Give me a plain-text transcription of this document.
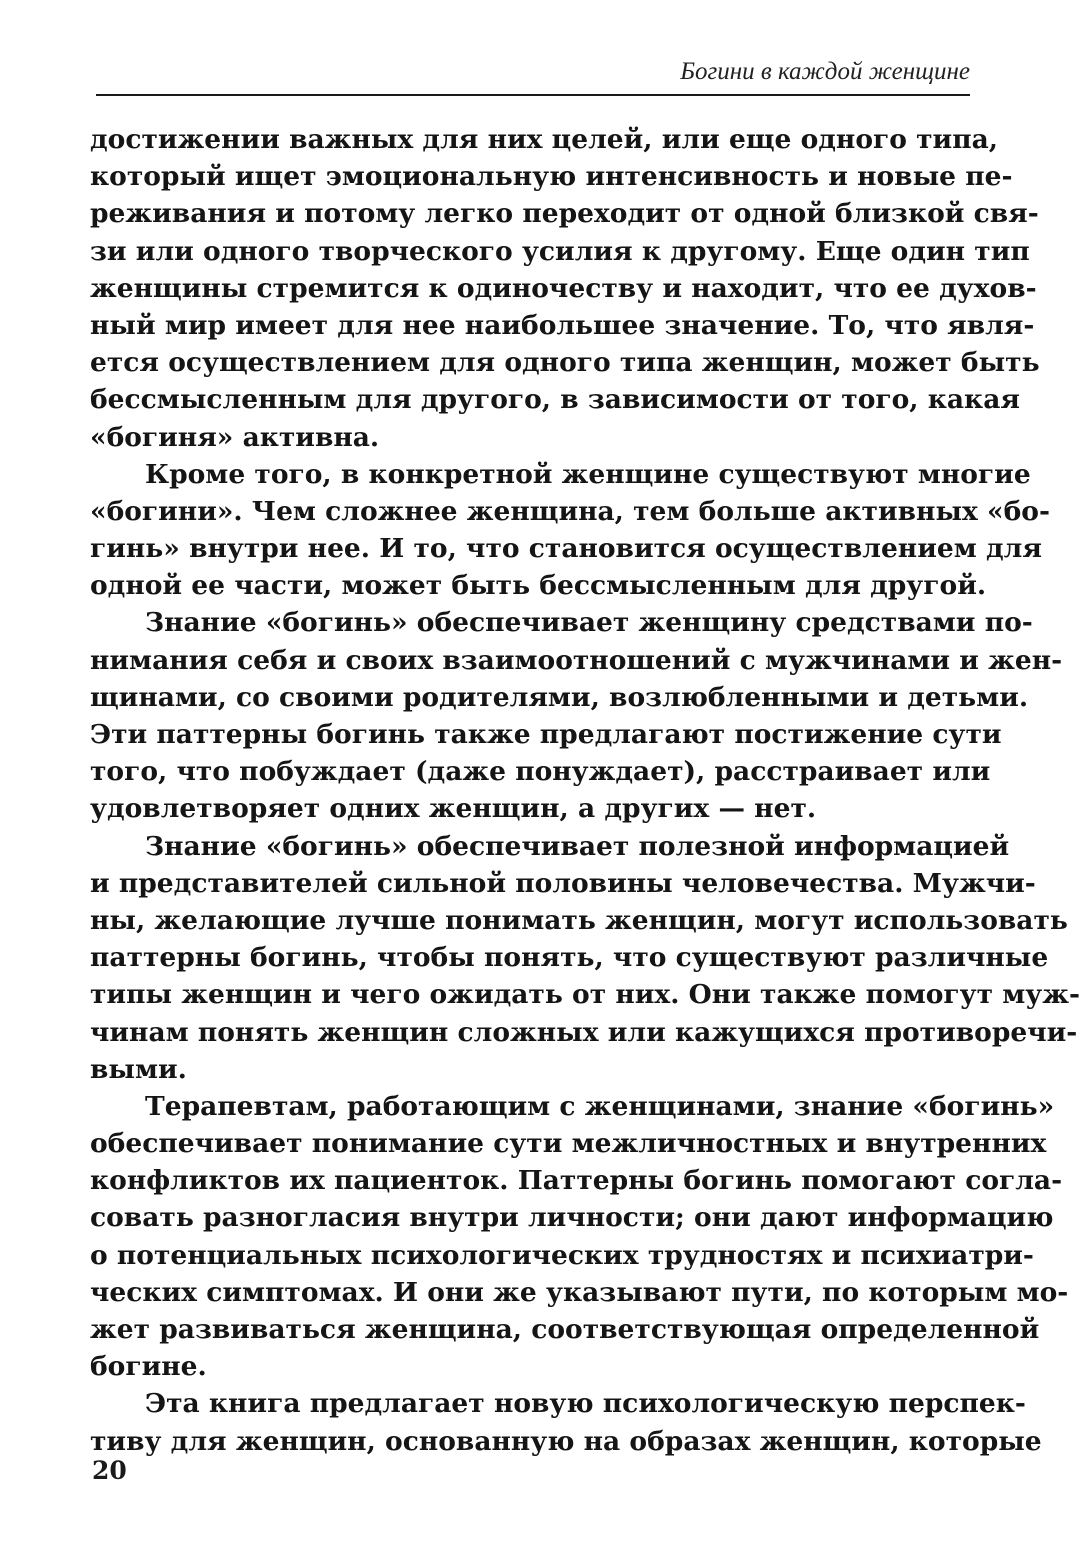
Богини в каждой женщине
достижении важных для них целей, или еще одного типа,
который ищет эмоциональную интенсивность и новые пе-
реживания и потому легко переходит от одной близкой свя-
зи или одного творческого усилия к другому. Еще один тип
женщины стремится к одиночеству и находит, что ее духов-
ный мир имеет для нее наибольшее значение. То, что явля-
ется осуществлением для одного типа женщин, может быть
бессмысленным для другого, в зависимости от того, какая
«богиня» активна.
Кроме того, в конкретной женщине существуют многие
«богини». Чем сложнее женщина, тем больше активных «бо-
гинь» внутри нее. И то, что становится осуществлением для
одной ее части, может быть бессмысленным для другой.
Знание «богинь» обеспечивает женщину средствами по-
нимания себя и своих взаимоотношений с мужчинами и жен-
щинами, со своими родителями, возлюбленными и детьми.
Эти паттерны богинь также предлагают постижение сути
того, что побуждает (даже понуждает), расстраивает или
удовлетворяет одних женщин, а других — нет.
Знание «богинь» обеспечивает полезной информацией
и представителей сильной половины человечества. Мужчи-
ны, желающие лучше понимать женщин, могут использовать
паттерны богинь, чтобы понять, что существуют различные
типы женщин и чего ожидать от них. Они также помогут муж-
чинам понять женщин сложных или кажущихся противоречи-
выми.
Терапевтам, работающим с женщинами, знание «богинь»
обеспечивает понимание сути межличностных и внутренних
конфликтов их пациенток. Паттерны богинь помогают согла-
совать разногласия внутри личности; они дают информацию
о потенциальных психологических трудностях и психиатри-
ческих симптомах. И они же указывают пути, по которым мо-
жет развиваться женщина, соответствующая определенной
богине.
Эта книга предлагает новую психологическую перспек-
тиву для женщин, основанную на образах женщин, которые
20
